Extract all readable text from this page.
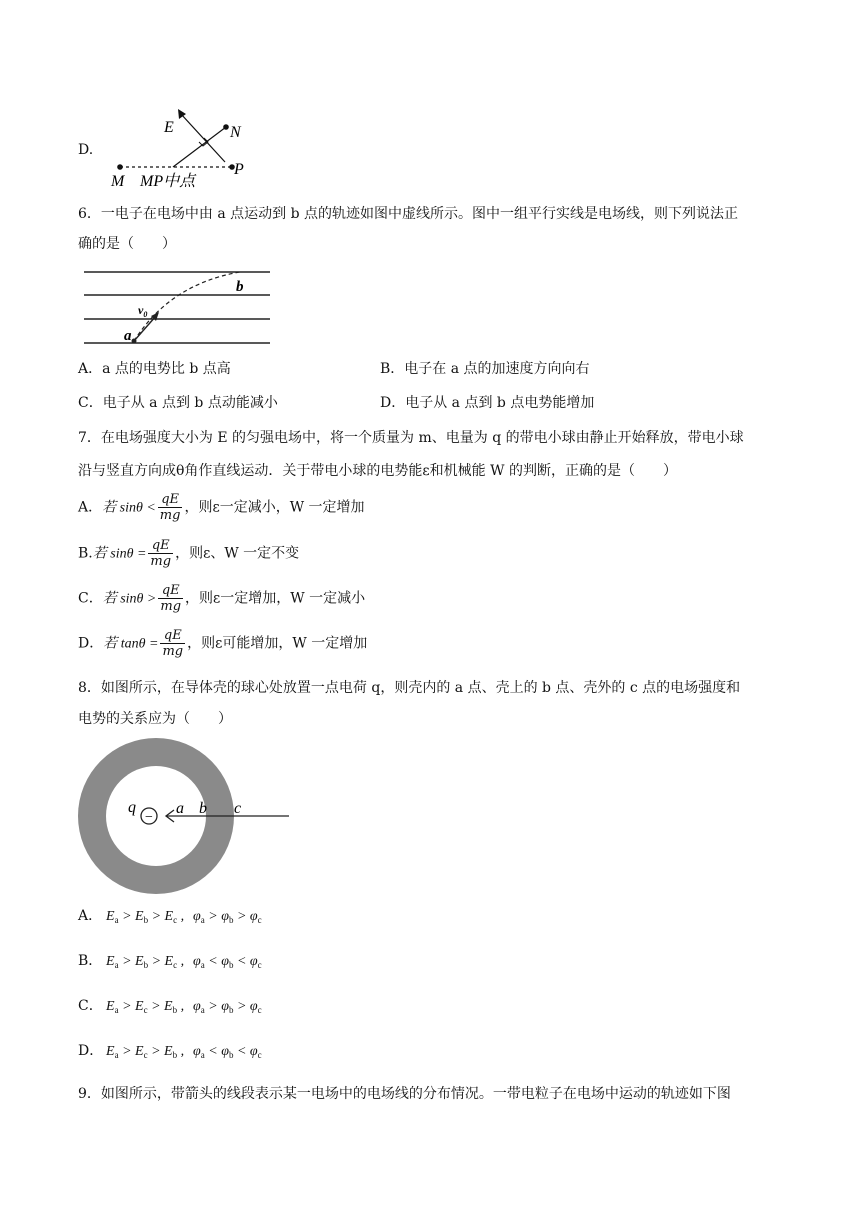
D.
E	N
P
M MP中点
6．一电子在电场中由 a 点运动到 b 点的轨迹如图中虚线所示。图中一组平行实线是电场线，则下列说法正
确的是（　　）
a
b
$v_0$
A．a 点的电势比 b 点高	B．电子在 a 点的加速度方向向右
C．电子从 a 点到 b 点动能减小	D．电子从 a 点到 b 点电势能增加
7．在电场强度大小为 E 的匀强电场中，将一个质量为 m、电量为 q 的带电小球由静止开始释放，带电小球
沿与竖直方向成θ角作直线运动．关于带电小球的电势能ε和机械能 W 的判断，正确的是（　　）
A．若 $\sin\theta < \frac{qE}{mg}$ ，则ε一定减小，W 一定增加
B.若 $\sin\theta = \frac{qE}{mg}$ ，则ε、W 一定不变
C．若 $\sin\theta > \frac{qE}{mg}$ ，则ε一定增加，W 一定减小
D．若 $\tan\theta = \frac{qE}{mg}$ ，则ε可能增加，W 一定增加
8．如图所示，在导体壳的球心处放置一点电荷 q，则壳内的 a 点、壳上的 b 点、壳外的 c 点的电场强度和
电势的关系应为（　　）
−
q	a b c
A． $E_a > E_b > E_c$ , $\varphi_a > \varphi_b > \varphi_c$
B． $E_a > E_b > E_c$ , $\varphi_a < \varphi_b < \varphi_c$
C． $E_a > E_c > E_b$ , $\varphi_a > \varphi_b > \varphi_c$
D． $E_a > E_c > E_b$ , $\varphi_a < \varphi_b < \varphi_c$
9．如图所示，带箭头的线段表示某一电场中的电场线的分布情况。一带电粒子在电场中运动的轨迹如下图
